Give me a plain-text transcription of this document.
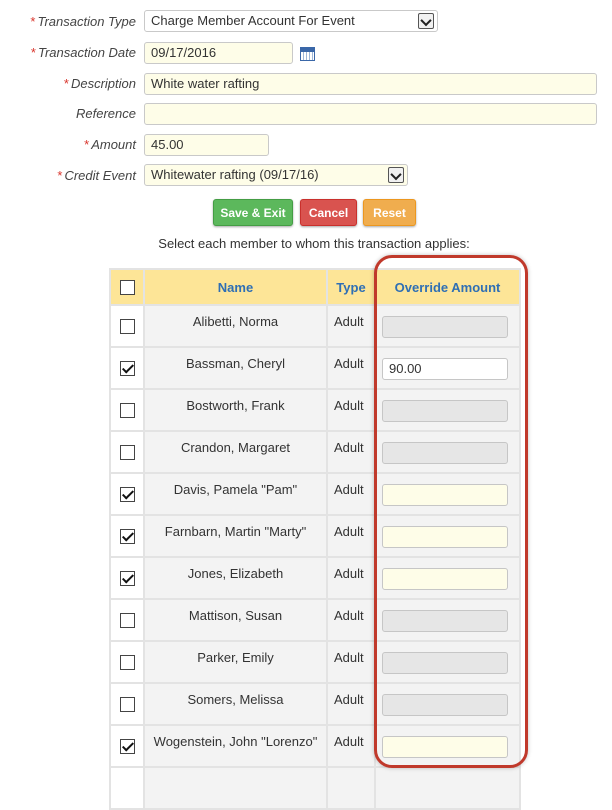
* Transaction Type	Charge Member Account For Event
* Transaction Date	09/17/2016
* Description	White water rafting
Reference
* Amount	45.00
* Credit Event	Whitewater rafting (09/17/16)
Save & Exit	Cancel	Reset
Select each member to whom this transaction applies:
	Name	Type	Override Amount
	Alibetti, Norma	Adult	

	Bassman, Cheryl	Adult	90.00

	Bostworth, Frank	Adult	

	Crandon, Margaret	Adult	

	Davis, Pamela "Pam"	Adult	

	Farnbarn, Martin "Marty"	Adult	

	Jones, Elizabeth	Adult	

	Mattison, Susan	Adult	

	Parker, Emily	Adult	

	Somers, Melissa	Adult	

	Wogenstein, John "Lorenzo"	Adult	
